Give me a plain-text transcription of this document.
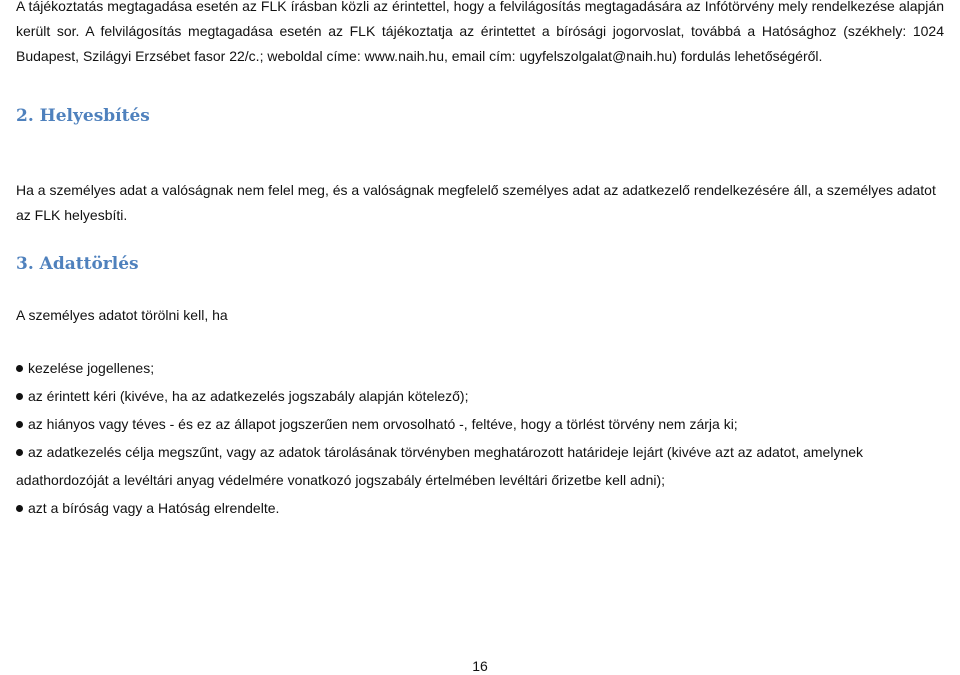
A tájékoztatás megtagadása esetén az FLK írásban közli az érintettel, hogy a felvilágosítás megtagadására az Infótörvény mely rendelkezése alapján került sor. A felvilágosítás megtagadása esetén az FLK tájékoztatja az érintettet a bírósági jogorvoslat, továbbá a Hatósághoz (székhely: 1024 Budapest, Szilágyi Erzsébet fasor 22/c.; weboldal címe: www.naih.hu, email cím: ugyfelszolgalat@naih.hu) fordulás lehetőségéről.

2. Helyesbítés

Ha a személyes adat a valóságnak nem felel meg, és a valóságnak megfelelő személyes adat az adatkezelő rendelkezésére áll, a személyes adatot az FLK helyesbíti.

3. Adattörlés

A személyes adatot törölni kell, ha

kezelése jogellenes;
az érintett kéri (kivéve, ha az adatkezelés jogszabály alapján kötelező);
az hiányos vagy téves - és ez az állapot jogszerűen nem orvosolható -, feltéve, hogy a törlést törvény nem zárja ki;
az adatkezelés célja megszűnt, vagy az adatok tárolásának törvényben meghatározott határideje lejárt (kivéve azt az adatot, amelynek
adathordozóját a levéltári anyag védelmére vonatkozó jogszabály értelmében levéltári őrizetbe kell adni);
azt a bíróság vagy a Hatóság elrendelte.
16
